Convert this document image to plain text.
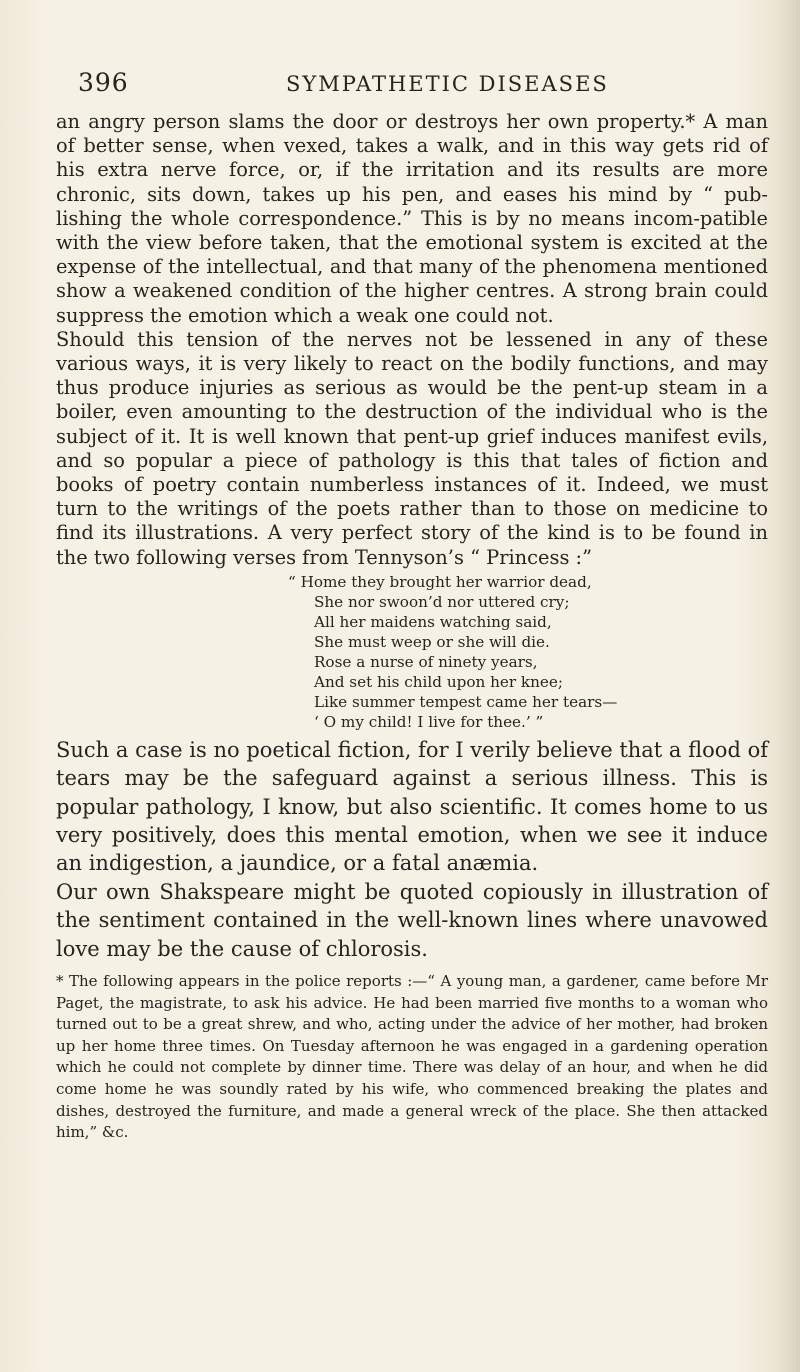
396	SYMPATHETIC DISEASES

an angry person slams the door or destroys her own property.* A man of better sense, when vexed, takes a walk, and in this way gets rid of his extra nerve force, or, if the irritation and its results are more chronic, sits down, takes up his pen, and eases his mind by “ pub-lishing the whole correspondence.” This is by no means incom-patible with the view before taken, that the emotional system is excited at the expense of the intellectual, and that many of the phenomena mentioned show a weakened condition of the higher centres. A strong brain could suppress the emotion which a weak one could not.

Should this tension of the nerves not be lessened in any of these various ways, it is very likely to react on the bodily functions, and may thus produce injuries as serious as would be the pent-up steam in a boiler, even amounting to the destruction of the individual who is the subject of it. It is well known that pent-up grief induces manifest evils, and so popular a piece of pathology is this that tales of fiction and books of poetry contain numberless instances of it. Indeed, we must turn to the writings of the poets rather than to those on medicine to find its illustrations. A very perfect story of the kind is to be found in the two following verses from Tennyson’s “ Princess :”

“ Home they brought her warrior dead,
She nor swoon’d nor uttered cry;
All her maidens watching said,
She must weep or she will die.
Rose a nurse of ninety years,
And set his child upon her knee;
Like summer tempest came her tears—
‘ O my child! I live for thee.’ ”

Such a case is no poetical fiction, for I verily believe that a flood of tears may be the safeguard against a serious illness. This is popular pathology, I know, but also scientific. It comes home to us very positively, does this mental emotion, when we see it induce an indigestion, a jaundice, or a fatal anæmia.

Our own Shakspeare might be quoted copiously in illustration of the sentiment contained in the well-known lines where unavowed love may be the cause of chlorosis.

* The following appears in the police reports :—“ A young man, a gardener, came before Mr Paget, the magistrate, to ask his advice. He had been married five months to a woman who turned out to be a great shrew, and who, acting under the advice of her mother, had broken up her home three times. On Tuesday afternoon he was engaged in a gardening operation which he could not complete by dinner time. There was delay of an hour, and when he did come home he was soundly rated by his wife, who commenced breaking the plates and dishes, destroyed the furniture, and made a general wreck of the place. She then attacked him,” &c.
